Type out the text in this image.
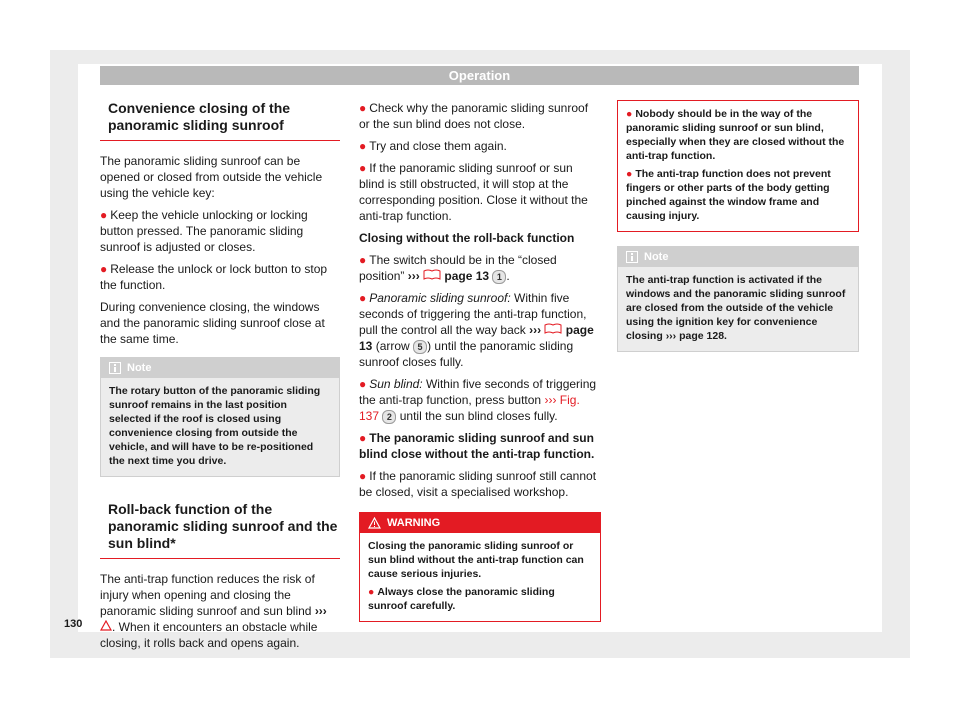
Operation
Convenience closing of the panoramic sliding sunroof

The panoramic sliding sunroof can be opened or closed from outside the vehicle using the vehicle key:

● Keep the vehicle unlocking or locking button pressed. The panoramic sliding sunroof is adjusted or closes.

● Release the unlock or lock button to stop the function.

During convenience closing, the windows and the panoramic sliding sunroof close at the same time.

Note
The rotary button of the panoramic sliding sunroof remains in the last position selected if the roof is closed using convenience closing from outside the vehicle, and will have to be re-positioned the next time you drive.
Roll-back function of the panoramic sliding sunroof and the sun blind*

The anti-trap function reduces the risk of injury when opening and closing the panoramic sliding sunroof and sun blind ››› . When it encounters an obstacle while closing, it rolls back and opens again.

● Check why the panoramic sliding sunroof or the sun blind does not close.

● Try and close them again.

● If the panoramic sliding sunroof or sun blind is still obstructed, it will stop at the corresponding position. Close it without the anti-trap function.

Closing without the roll-back function

● The switch should be in the “closed position” ›››  page 13 1 .

● Panoramic sliding sunroof: Within five seconds of triggering the anti-trap function, pull the control all the way back ›››  page 13 (arrow 5 ) until the panoramic sliding sunroof closes fully.

● Sun blind: Within five seconds of triggering the anti-trap function, press button ››› Fig. 137 2 until the sun blind closes fully.

● The panoramic sliding sunroof and sun blind close without the anti-trap function.

● If the panoramic sliding sunroof still cannot be closed, visit a specialised workshop.

WARNING

Closing the panoramic sliding sunroof or sun blind without the anti-trap function can cause serious injuries.

● Always close the panoramic sliding sunroof carefully.

● Nobody should be in the way of the panoramic sliding sunroof or sun blind, especially when they are closed without the anti-trap function.

● The anti-trap function does not prevent fingers or other parts of the body getting pinched against the window frame and causing injury.

Note
The anti-trap function is activated if the windows and the panoramic sliding sunroof are closed from the outside of the vehicle using the ignition key for convenience closing ››› page 128.
130
